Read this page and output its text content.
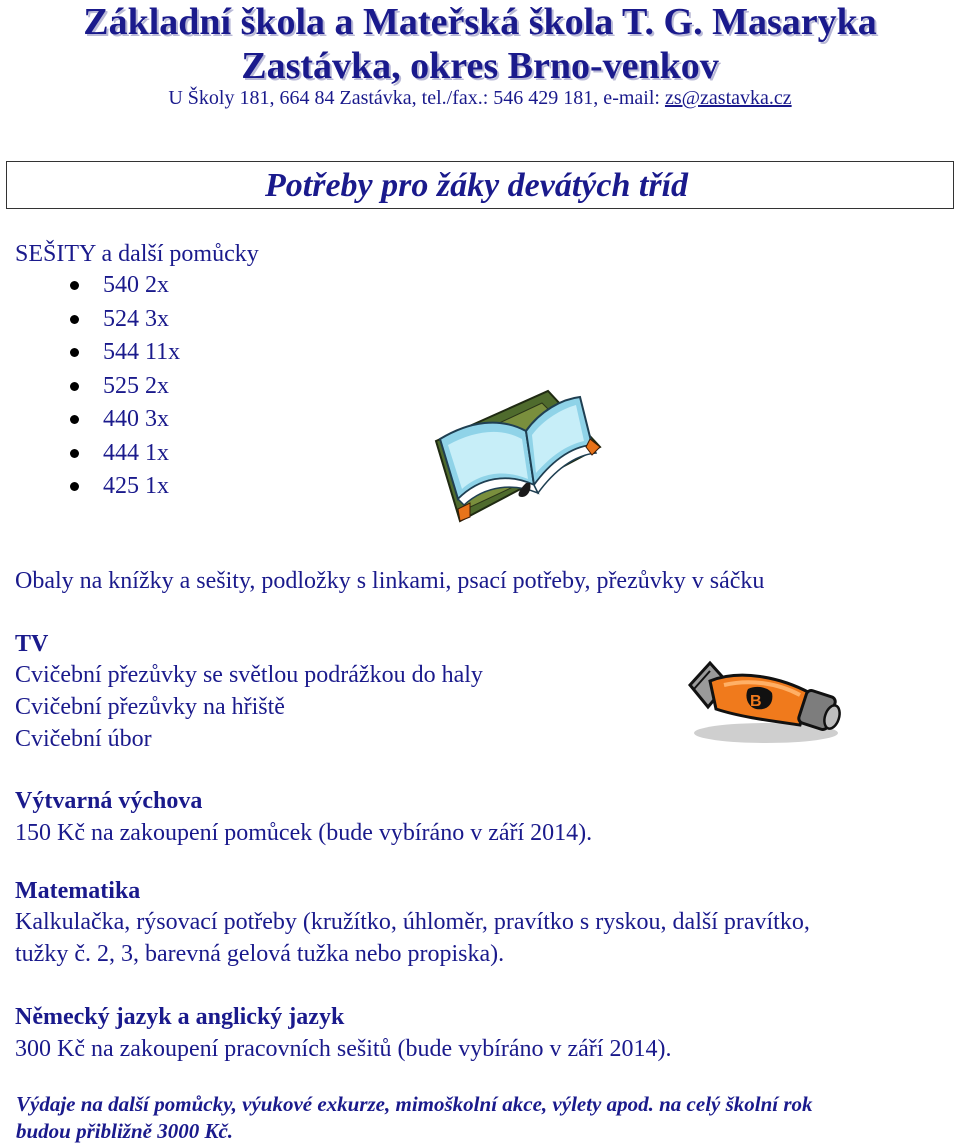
Základní škola a Mateřská škola T. G. Masaryka
Zastávka, okres Brno-venkov
U Školy 181, 664 84 Zastávka, tel./fax.: 546 429 181, e-mail: zs@zastavka.cz
Potřeby pro žáky devátých tříd
SEŠITY a další pomůcky
540 2x
524 3x
544 11x
525 2x
440 3x
444 1x
425 1x
Obaly na knížky a sešity, podložky s linkami, psací potřeby, přezůvky v sáčku
TV
Cvičební přezůvky se světlou podrážkou do haly
Cvičební přezůvky na hřiště
Cvičební úbor
B
Výtvarná výchova
150 Kč na zakoupení pomůcek (bude vybíráno v září 2014).
Matematika
Kalkulačka, rýsovací potřeby (kružítko, úhloměr, pravítko s ryskou, další pravítko,
tužky č. 2, 3, barevná gelová tužka nebo propiska).
Německý jazyk a anglický jazyk
300 Kč na zakoupení pracovních sešitů (bude vybíráno v září 2014).
Výdaje na další pomůcky, výukové exkurze, mimoškolní akce, výlety apod. na celý školní rok
budou přibližně 3000 Kč.
